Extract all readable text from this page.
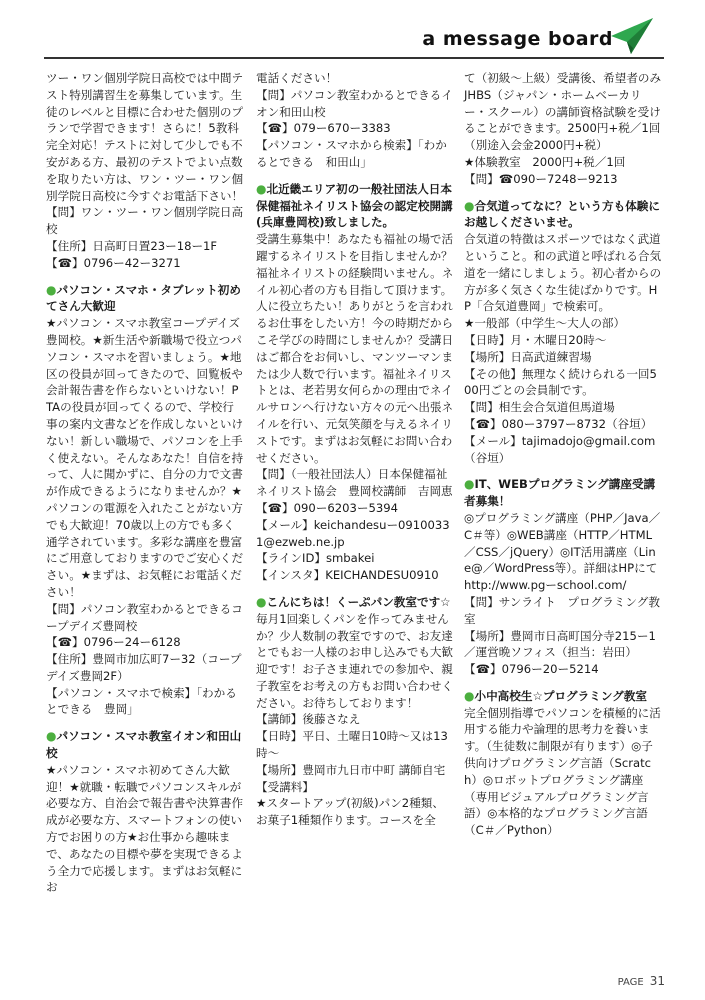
a message board

ツー・ワン個別学院日高校では中間テスト特別講習生を募集しています。生徒のレベルと目標に合わせた個別のプランで学習できます！さらに！5教科完全対応！テストに対して少しでも不安がある方、最初のテストでよい点数を取りたい方は、ワン・ツー・ワン個別学院日高校に今すぐお電話下さい！

【問】ワン・ツー・ワン個別学院日高校

【住所】日高町日置23ー18ー1F

【☎】0796ー42ー3271

●パソコン・スマホ・タブレット初めてさん大歓迎

★パソコン・スマホ教室コープデイズ豊岡校。★新生活や新職場で役立つパソコン・スマホを習いましょう。★地区の役員が回ってきたので、回覧板や会計報告書を作らないといけない！PTAの役員が回ってくるので、学校行事の案内文書などを作成しないといけない！新しい職場で、パソコンを上手く使えない。そんなあなた！自信を持って、人に聞かずに、自分の力で文書が作成できるようになりませんか？★パソコンの電源を入れたことがない方でも大歓迎！70歳以上の方でも多く通学されています。多彩な講座を豊富にご用意しておりますのでご安心ください。★まずは、お気軽にお電話ください！

【問】パソコン教室わかるとできるコープデイズ豊岡校

【☎】0796ー24ー6128

【住所】豊岡市加広町7ー32（コープデイズ豊岡2F）

【パソコン・スマホで検索】「わかるとできる　豊岡」

●パソコン・スマホ教室イオン和田山校

★パソコン・スマホ初めてさん大歓迎！★就職・転職でパソコンスキルが必要な方、自治会で報告書や決算書作成が必要な方、スマートフォンの使い方でお困りの方★お仕事から趣味まで、あなたの目標や夢を実現できるよう全力で応援します。まずはお気軽にお

電話ください！

【問】パソコン教室わかるとできるイオン和田山校

【☎】079ー670ー3383

【パソコン・スマホから検索】「わかるとできる　和田山」

●北近畿エリア初の一般社団法人日本保健福祉ネイリスト協会の認定校開講(兵庫豊岡校)致しました。

受講生募集中！あなたも福祉の場で活躍するネイリストを目指しませんか？福祉ネイリストの経験問いません。ネイル初心者の方も目指して頂けます。人に役立ちたい！ありがとうを言われるお仕事をしたい方！今の時期だからこそ学びの時間にしませんか？受講日はご都合をお伺いし、マンツーマンまたは少人数で行います。福祉ネイリストとは、老若男女何らかの理由でネイルサロンへ行けない方々の元へ出張ネイルを行い、元気笑顔を与えるネイリストです。まずはお気軽にお問い合わせください。

【問】（一般社団法人）日本保健福祉ネイリスト協会　豊岡校講師　吉岡恵

【☎】090ー6203ー5394

【メール】keichandesuー09100331@ezweb.ne.jp

【ラインID】smbakei

【インスタ】KEICHANDESU0910

●こんにちは！くーぷパン教室です☆

毎月1回楽しくパンを作ってみませんか？少人数制の教室ですので、お友達とでもお一人様のお申し込みでも大歓迎です！お子さま連れでの参加や、親子教室をお考えの方もお問い合わせください。お待ちしております！

【講師】後藤さなえ

【日時】平日、土曜日10時〜又は13時〜

【場所】豊岡市九日市中町 講師自宅

【受講料】

★スタートアップ(初級)パン2種類、お菓子1種類作ります。コースを全

て（初級〜上級）受講後、希望者のみJHBS（ジャパン・ホームベーカリー・スクール）の講師資格試験を受けることができます。2500円+税／1回（別途入会金2000円+税）

★体験教室　2000円+税／1回

【問】☎090ー7248ー9213

●合気道ってなに？という方も体験にお越しくださいませ。

合気道の特徴はスポーツではなく武道ということ。和の武道と呼ばれる合気道を一緒にしましょう。初心者からの方が多く気さくな生徒ばかりです。HP「合気道豊岡」で検索可。

★一般部（中学生〜大人の部）

【日時】月・木曜日20時〜

【場所】日高武道練習場

【その他】無理なく続けられる一回500円ごとの会員制です。

【問】相生会合気道但馬道場

【☎】080ー3797ー8732（谷垣）

【メール】tajimadojo@gmail.com（谷垣）

●IT、WEBプログラミング講座受講者募集！

◎プログラミング講座（PHP／Java／C＃等）◎WEB講座（HTTP／HTML／CSS／jQuery）◎IT活用講座（Line@／WordPress等）。詳細はHPにて　http://www.pgーschool.com/

【問】サンライト　プログラミング教室

【場所】豊岡市日高町国分寺215ー1／運営晩ソフィス（担当：岩田）

【☎】0796ー20ー5214

●小中高校生☆プログラミング教室

完全個別指導でパソコンを積極的に活用する能力や論理的思考力を養います。（生徒数に制限が有ります）◎子供向けプログラミング言語（Scratch）◎ロボットプログラミング講座（専用ビジュアルプログラミング言語）◎本格的なプログラミング言語（C＃／Python）

PAGE 31
